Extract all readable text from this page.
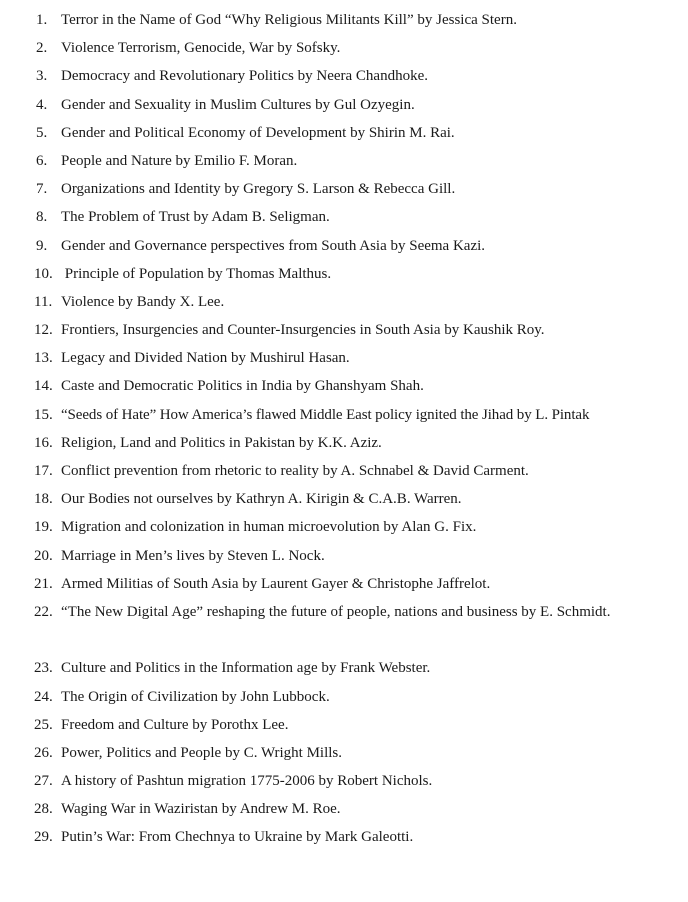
1. Terror in the Name of God “Why Religious Militants Kill” by Jessica Stern.
2. Violence Terrorism, Genocide, War by Sofsky.
3. Democracy and Revolutionary Politics by Neera Chandhoke.
4. Gender and Sexuality in Muslim Cultures by Gul Ozyegin.
5. Gender and Political Economy of Development by Shirin M. Rai.
6. People and Nature by Emilio F. Moran.
7. Organizations and Identity by Gregory S. Larson & Rebecca Gill.
8. The Problem of Trust by Adam B. Seligman.
9. Gender and Governance perspectives from South Asia by Seema Kazi.
10. Principle of Population by Thomas Malthus.
11. Violence by Bandy X. Lee.
12. Frontiers, Insurgencies and Counter-Insurgencies in South Asia by Kaushik Roy.
13. Legacy and Divided Nation by Mushirul Hasan.
14. Caste and Democratic Politics in India by Ghanshyam Shah.
15. “Seeds of Hate” How America’s flawed Middle East policy ignited the Jihad by L. Pintak
16. Religion, Land and Politics in Pakistan by K.K. Aziz.
17. Conflict prevention from rhetoric to reality by A. Schnabel & David Carment.
18. Our Bodies not ourselves by Kathryn A. Kirigin & C.A.B. Warren.
19. Migration and colonization in human microevolution by Alan G. Fix.
20. Marriage in Men’s lives by Steven L. Nock.
21. Armed Militias of South Asia by Laurent Gayer & Christophe Jaffrelot.
22. “The New Digital Age” reshaping the future of people, nations and business by E. Schmidt.
23. Culture and Politics in the Information age by Frank Webster.
24. The Origin of Civilization by John Lubbock.
25. Freedom and Culture by Porothx Lee.
26. Power, Politics and People by C. Wright Mills.
27. A history of Pashtun migration 1775-2006 by Robert Nichols.
28. Waging War in Waziristan by Andrew M. Roe.
29. Putin’s War: From Chechnya to Ukraine by Mark Galeotti.
